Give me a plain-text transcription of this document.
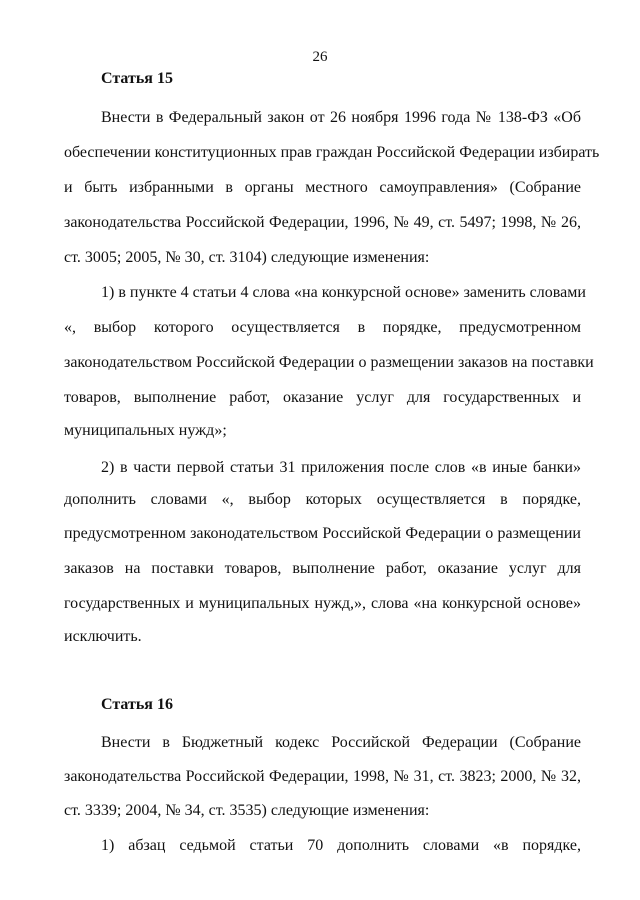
26
Статья 15
Внести в Федеральный закон от 26 ноября 1996 года № 138-ФЗ «Об
обеспечении конституционных прав граждан Российской Федерации избирать
и быть избранными в органы местного самоуправления» (Собрание
законодательства Российской Федерации, 1996, № 49, ст. 5497; 1998, № 26,
ст. 3005; 2005, № 30, ст. 3104) следующие изменения:
1) в пункте 4 статьи 4 слова «на конкурсной основе» заменить словами
«, выбор которого осуществляется в порядке, предусмотренном
законодательством Российской Федерации о размещении заказов на поставки
товаров, выполнение работ, оказание услуг для государственных и
муниципальных нужд»;
2) в части первой статьи 31 приложения после слов «в иные банки»
дополнить словами «, выбор которых осуществляется в порядке,
предусмотренном законодательством Российской Федерации о размещении
заказов на поставки товаров, выполнение работ, оказание услуг для
государственных и муниципальных нужд,», слова «на конкурсной основе»
исключить.
Статья 16
Внести в Бюджетный кодекс Российской Федерации (Собрание
законодательства Российской Федерации, 1998, № 31, ст. 3823; 2000, № 32,
ст. 3339; 2004, № 34, ст. 3535) следующие изменения:
1) абзац седьмой статьи 70 дополнить словами «в порядке,
